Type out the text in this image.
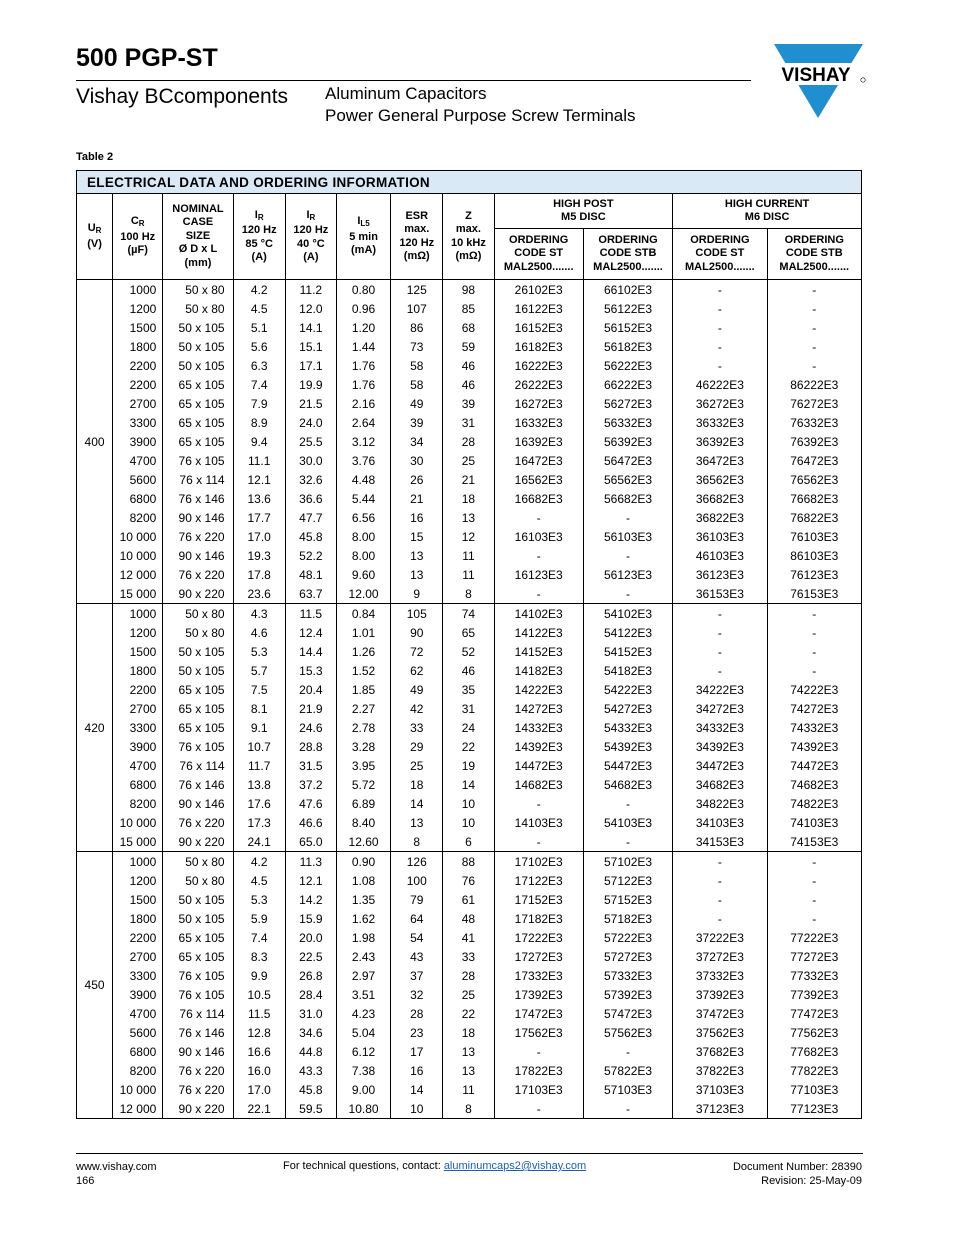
500 PGP-ST
Vishay BCcomponents Aluminum Capacitors
Power General Purpose Screw Terminals
VISHAY
Table 2
ELECTRICAL DATA AND ORDERING INFORMATION
$U_R$
(V)	$C_R$
100 Hz
(µF)	NOMINAL
CASE
SIZE
Ø D x L
(mm)	$I_R$
120 Hz
85 °C
(A)	$I_R$
120 Hz
40 °C
(A)	$I_{L5}$
5 min
(mA)	ESR
max.
120 Hz
(mΩ)	Z
max.
10 kHz
(mΩ)	HIGH POST
M5 DISC		HIGH CURRENT
M6 DISC	
								ORDERING
CODE ST
MAL2500.......	ORDERING
CODE STB
MAL2500.......	ORDERING
CODE ST
MAL2500.......	ORDERING
CODE STB
MAL2500.......
400	1000	50 x 80	4.2	11.2	0.80	125	98	26102E3	66102E3	-	-
	1200	50 x 80	4.5	12.0	0.96	107	85	16122E3	56122E3	-	-
	1500	50 x 105	5.1	14.1	1.20	86	68	16152E3	56152E3	-	-
	1800	50 x 105	5.6	15.1	1.44	73	59	16182E3	56182E3	-	-
	2200	50 x 105	6.3	17.1	1.76	58	46	16222E3	56222E3	-	-
	2200	65 x 105	7.4	19.9	1.76	58	46	26222E3	66222E3	46222E3	86222E3
	2700	65 x 105	7.9	21.5	2.16	49	39	16272E3	56272E3	36272E3	76272E3
	3300	65 x 105	8.9	24.0	2.64	39	31	16332E3	56332E3	36332E3	76332E3
	3900	65 x 105	9.4	25.5	3.12	34	28	16392E3	56392E3	36392E3	76392E3
	4700	76 x 105	11.1	30.0	3.76	30	25	16472E3	56472E3	36472E3	76472E3
	5600	76 x 114	12.1	32.6	4.48	26	21	16562E3	56562E3	36562E3	76562E3
	6800	76 x 146	13.6	36.6	5.44	21	18	16682E3	56682E3	36682E3	76682E3
	8200	90 x 146	17.7	47.7	6.56	16	13	-	-	36822E3	76822E3
	10 000	76 x 220	17.0	45.8	8.00	15	12	16103E3	56103E3	36103E3	76103E3
	10 000	90 x 146	19.3	52.2	8.00	13	11	-	-	46103E3	86103E3
	12 000	76 x 220	17.8	48.1	9.60	13	11	16123E3	56123E3	36123E3	76123E3
	15 000	90 x 220	23.6	63.7	12.00	9	8	-	-	36153E3	76153E3
420	1000	50 x 80	4.3	11.5	0.84	105	74	14102E3	54102E3	-	-
	1200	50 x 80	4.6	12.4	1.01	90	65	14122E3	54122E3	-	-
	1500	50 x 105	5.3	14.4	1.26	72	52	14152E3	54152E3	-	-
	1800	50 x 105	5.7	15.3	1.52	62	46	14182E3	54182E3	-	-
	2200	65 x 105	7.5	20.4	1.85	49	35	14222E3	54222E3	34222E3	74222E3
	2700	65 x 105	8.1	21.9	2.27	42	31	14272E3	54272E3	34272E3	74272E3
	3300	65 x 105	9.1	24.6	2.78	33	24	14332E3	54332E3	34332E3	74332E3
	3900	76 x 105	10.7	28.8	3.28	29	22	14392E3	54392E3	34392E3	74392E3
	4700	76 x 114	11.7	31.5	3.95	25	19	14472E3	54472E3	34472E3	74472E3
	6800	76 x 146	13.8	37.2	5.72	18	14	14682E3	54682E3	34682E3	74682E3
	8200	90 x 146	17.6	47.6	6.89	14	10	-	-	34822E3	74822E3
	10 000	76 x 220	17.3	46.6	8.40	13	10	14103E3	54103E3	34103E3	74103E3
	15 000	90 x 220	24.1	65.0	12.60	8	6	-	-	34153E3	74153E3
450	1000	50 x 80	4.2	11.3	0.90	126	88	17102E3	57102E3	-	-
	1200	50 x 80	4.5	12.1	1.08	100	76	17122E3	57122E3	-	-
	1500	50 x 105	5.3	14.2	1.35	79	61	17152E3	57152E3	-	-
	1800	50 x 105	5.9	15.9	1.62	64	48	17182E3	57182E3	-	-
	2200	65 x 105	7.4	20.0	1.98	54	41	17222E3	57222E3	37222E3	77222E3
	2700	65 x 105	8.3	22.5	2.43	43	33	17272E3	57272E3	37272E3	77272E3
	3300	76 x 105	9.9	26.8	2.97	37	28	17332E3	57332E3	37332E3	77332E3
	3900	76 x 105	10.5	28.4	3.51	32	25	17392E3	57392E3	37392E3	77392E3
	4700	76 x 114	11.5	31.0	4.23	28	22	17472E3	57472E3	37472E3	77472E3
	5600	76 x 146	12.8	34.6	5.04	23	18	17562E3	57562E3	37562E3	77562E3
	6800	90 x 146	16.6	44.8	6.12	17	13	-	-	37682E3	77682E3
	8200	76 x 220	16.0	43.3	7.38	16	13	17822E3	57822E3	37822E3	77822E3
	10 000	76 x 220	17.0	45.8	9.00	14	11	17103E3	57103E3	37103E3	77103E3
	12 000	90 x 220	22.1	59.5	10.80	10	8	-	-	37123E3	77123E3
www.vishay.com
166
For technical questions, contact: aluminumcaps2@vishay.com	Document Number: 28390
Revision: 25-May-09
